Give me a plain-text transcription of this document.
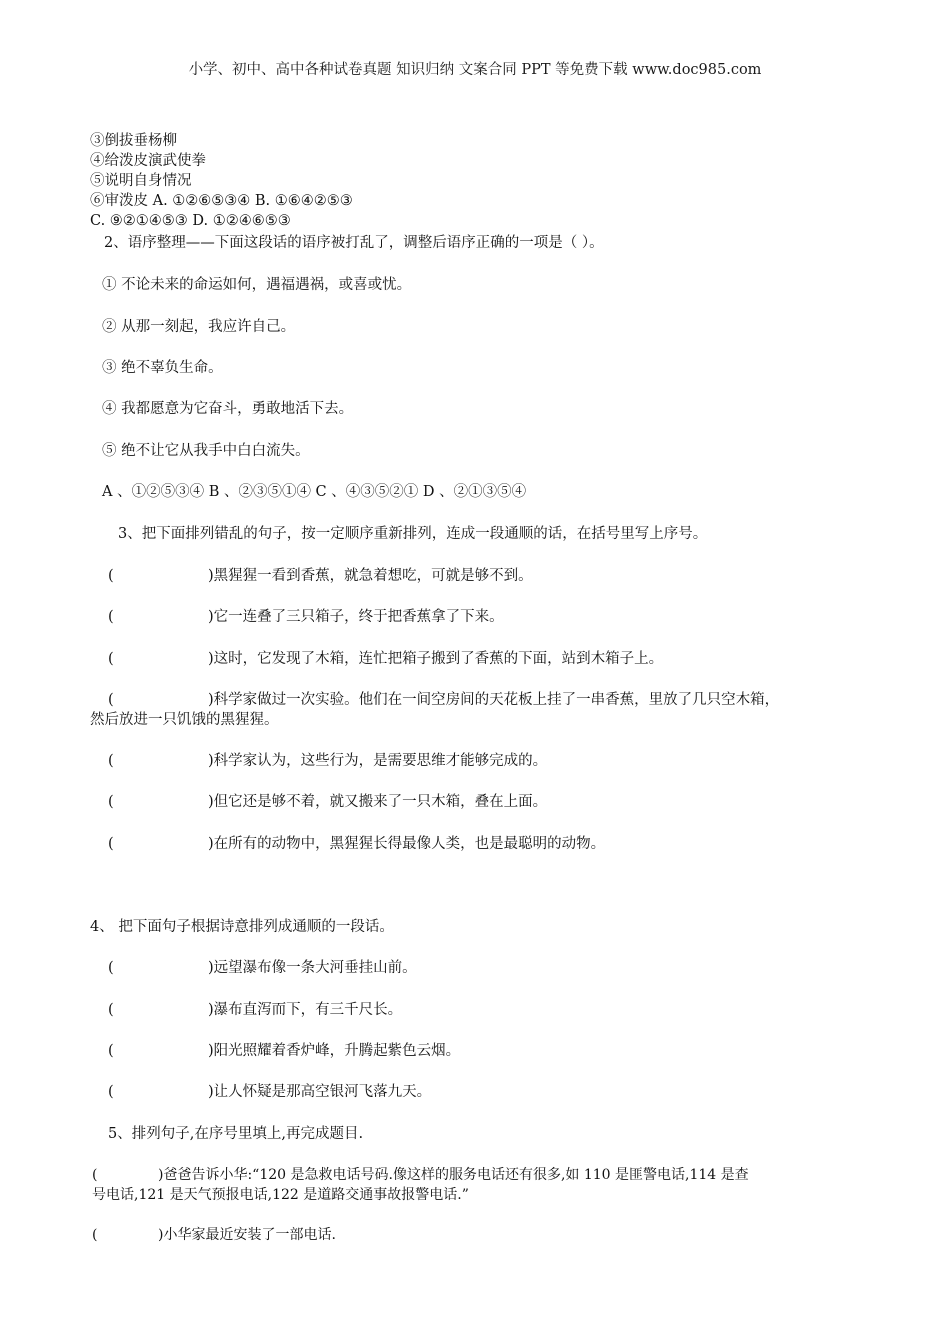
小学、初中、高中各种试卷真题 知识归纳 文案合同 PPT 等免费下载 www.doc985.com
③倒拔垂杨柳
④给泼皮演武使拳
⑤说明自身情况
⑥审泼皮 A. ①②⑥⑤③④ B. ①⑥④②⑤③
C. ⑨②①④⑤③ D. ①②④⑥⑤③
2、语序整理——下面这段话的语序被打乱了，调整后语序正确的一项是（ ）。
① 不论未来的命运如何，遇福遇祸，或喜或忧。
② 从那一刻起，我应许自己。
③ 绝不辜负生命。
④ 我都愿意为它奋斗，勇敢地活下去。
⑤ 绝不让它从我手中白白流失。
A 、①②⑤③④ B 、②③⑤①④ C 、④③⑤②① D 、②①③⑤④
3、把下面排列错乱的句子，按一定顺序重新排列，连成一段通顺的话，在括号里写上序号。
(	)黑猩猩一看到香蕉，就急着想吃，可就是够不到。
(	)它一连叠了三只箱子，终于把香蕉拿了下来。
(	)这时，它发现了木箱，连忙把箱子搬到了香蕉的下面，站到木箱子上。
(	)科学家做过一次实验。他们在一间空房间的天花板上挂了一串香蕉，里放了几只空木箱，
然后放进一只饥饿的黑猩猩。
(	)科学家认为，这些行为，是需要思维才能够完成的。
(	)但它还是够不着，就又搬来了一只木箱，叠在上面。
(	)在所有的动物中，黑猩猩长得最像人类，也是最聪明的动物。
4、 把下面句子根据诗意排列成通顺的一段话。
(	)远望瀑布像一条大河垂挂山前。
(	)瀑布直泻而下，有三千尺长。
(	)阳光照耀着香炉峰，升腾起紫色云烟。
(	)让人怀疑是那高空银河飞落九天。
5、排列句子,在序号里填上,再完成题目.
(	)爸爸告诉小华:“120 是急救电话号码.像这样的服务电话还有很多,如 110 是匪警电话,114 是查
号电话,121 是天气预报电话,122 是道路交通事故报警电话.”
(	)小华家最近安装了一部电话.
